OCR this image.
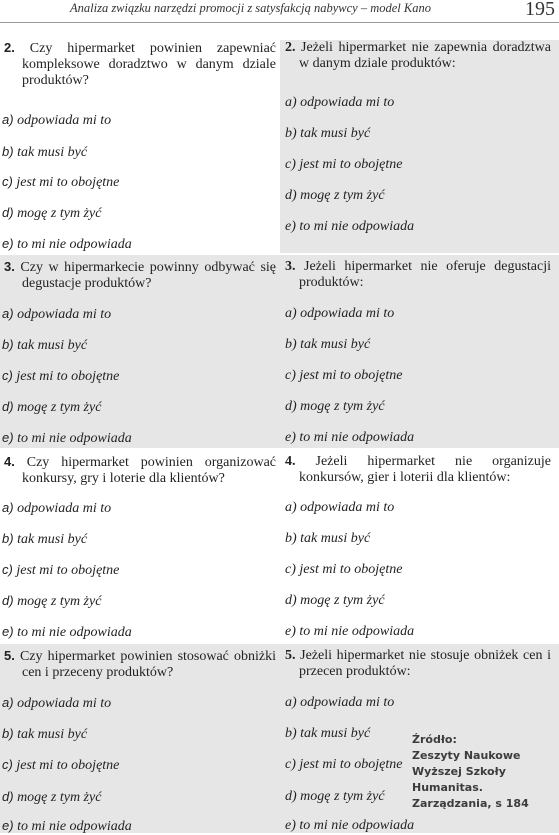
Analiza związku narzędzi promocji z satysfakcją nabywcy – model Kano	195
2. Czy hipermarket powinien zapewniać kompleksowe doradztwo w danym dziale produktów?
2. Jeżeli hipermarket nie zapewnia doradztwa w danym dziale produktów:
a) odpowiada mi to
b) tak musi być
c) jest mi to obojętne
d) mogę z tym żyć
e) to mi nie odpowiada
a) odpowiada mi to
b) tak musi być
c) jest mi to obojętne
d) mogę z tym żyć
e) to mi nie odpowiada
3. Czy w hipermarkecie powinny odbywać się degustacje produktów?
3. Jeżeli hipermarket nie oferuje degustacji produktów:
a) odpowiada mi to
b) tak musi być
c) jest mi to obojętne
d) mogę z tym żyć
e) to mi nie odpowiada
a) odpowiada mi to
b) tak musi być
c) jest mi to obojętne
d) mogę z tym żyć
e) to mi nie odpowiada
4. Czy hipermarket powinien organizować konkursy, gry i loterie dla klientów?
4. Jeżeli hipermarket nie organizuje konkursów, gier i loterii dla klientów:
a) odpowiada mi to
b) tak musi być
c) jest mi to obojętne
d) mogę z tym żyć
e) to mi nie odpowiada
a) odpowiada mi to
b) tak musi być
c) jest mi to obojętne
d) mogę z tym żyć
e) to mi nie odpowiada
5. Czy hipermarket powinien stosować obniżki cen i przeceny produktów?
5. Jeżeli hipermarket nie stosuje obniżek cen i przecen produktów:
a) odpowiada mi to
b) tak musi być
c) jest mi to obojętne
d) mogę z tym żyć
e) to mi nie odpowiada
a) odpowiada mi to
b) tak musi być
c) jest mi to obojętne
d) mogę z tym żyć
e) to mi nie odpowiada
Źródło:
Zeszyty Naukowe Wyższej Szkoły Humanitas. Zarządzania, s 184
